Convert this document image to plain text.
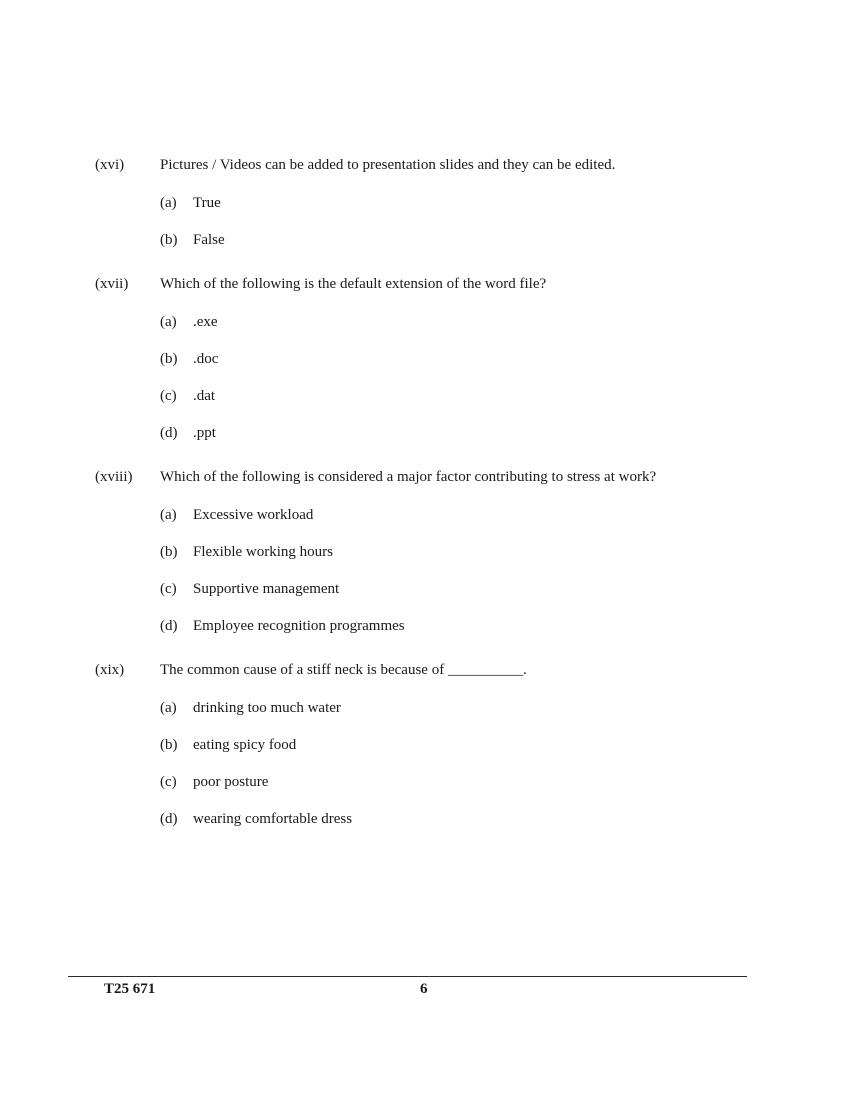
(xvi)	Pictures / Videos can be added to presentation slides and they can be edited.

(a)	True
(b)	False
(xvii)	Which of the following is the default extension of the word file?

(a)	.exe
(b)	.doc
(c)	.dat
(d)	.ppt
(xviii)	Which of the following is considered a major factor contributing to stress at work?

(a)	Excessive workload
(b)	Flexible working hours
(c)	Supportive management
(d)	Employee recognition programmes
(xix)	The common cause of a stiff neck is because of __________.

(a)	drinking too much water
(b)	eating spicy food
(c)	poor posture
(d)	wearing comfortable dress
T25 671	6
